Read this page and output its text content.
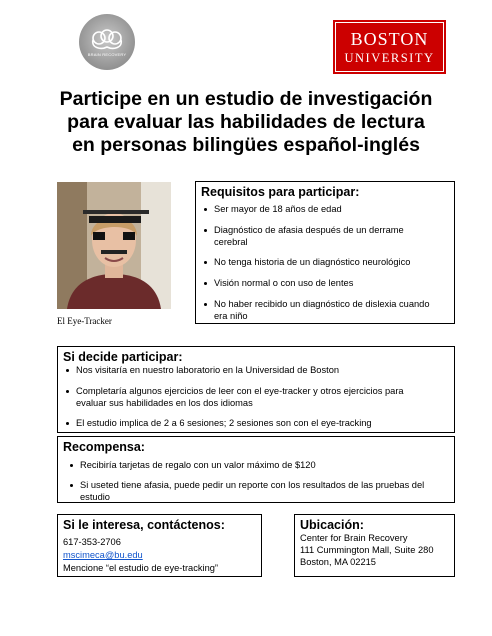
BRAIN RECOVERY
BOSTON
UNIVERSITY
Participe en un estudio de investigación
para evaluar las habilidades de lectura
en personas bilingües español-inglés
El Eye-Tracker
Requisitos para participar:
Ser mayor de 18 años de edad
Diagnóstico de afasia después de un derrame
cerebral
No tenga historia de un diagnóstico neurológico
Visión normal o con uso de lentes
No haber recibido un diagnóstico de dislexia cuando
era niño
Si decide participar:
Nos visitaría en nuestro laboratorio en la Universidad de Boston
Completaría algunos ejercicios de leer con el eye-tracker y otros ejercicios para
evaluar sus habilidades en los dos idiomas
El estudio implica de 2 a 6 sesiones; 2 sesiones son con el eye-tracking
Recompensa:
Recibiría tarjetas de regalo con un valor máximo de $120
Si useted tiene afasia, puede pedir un reporte con los resultados de las pruebas del
estudio
Si le interesa, contáctenos:
617-353-2706
mscimeca@bu.edu
Mencione “el estudio de eye-tracking”
Ubicación:
Center for Brain Recovery
111 Cummington Mall, Suite 280
Boston, MA 02215
